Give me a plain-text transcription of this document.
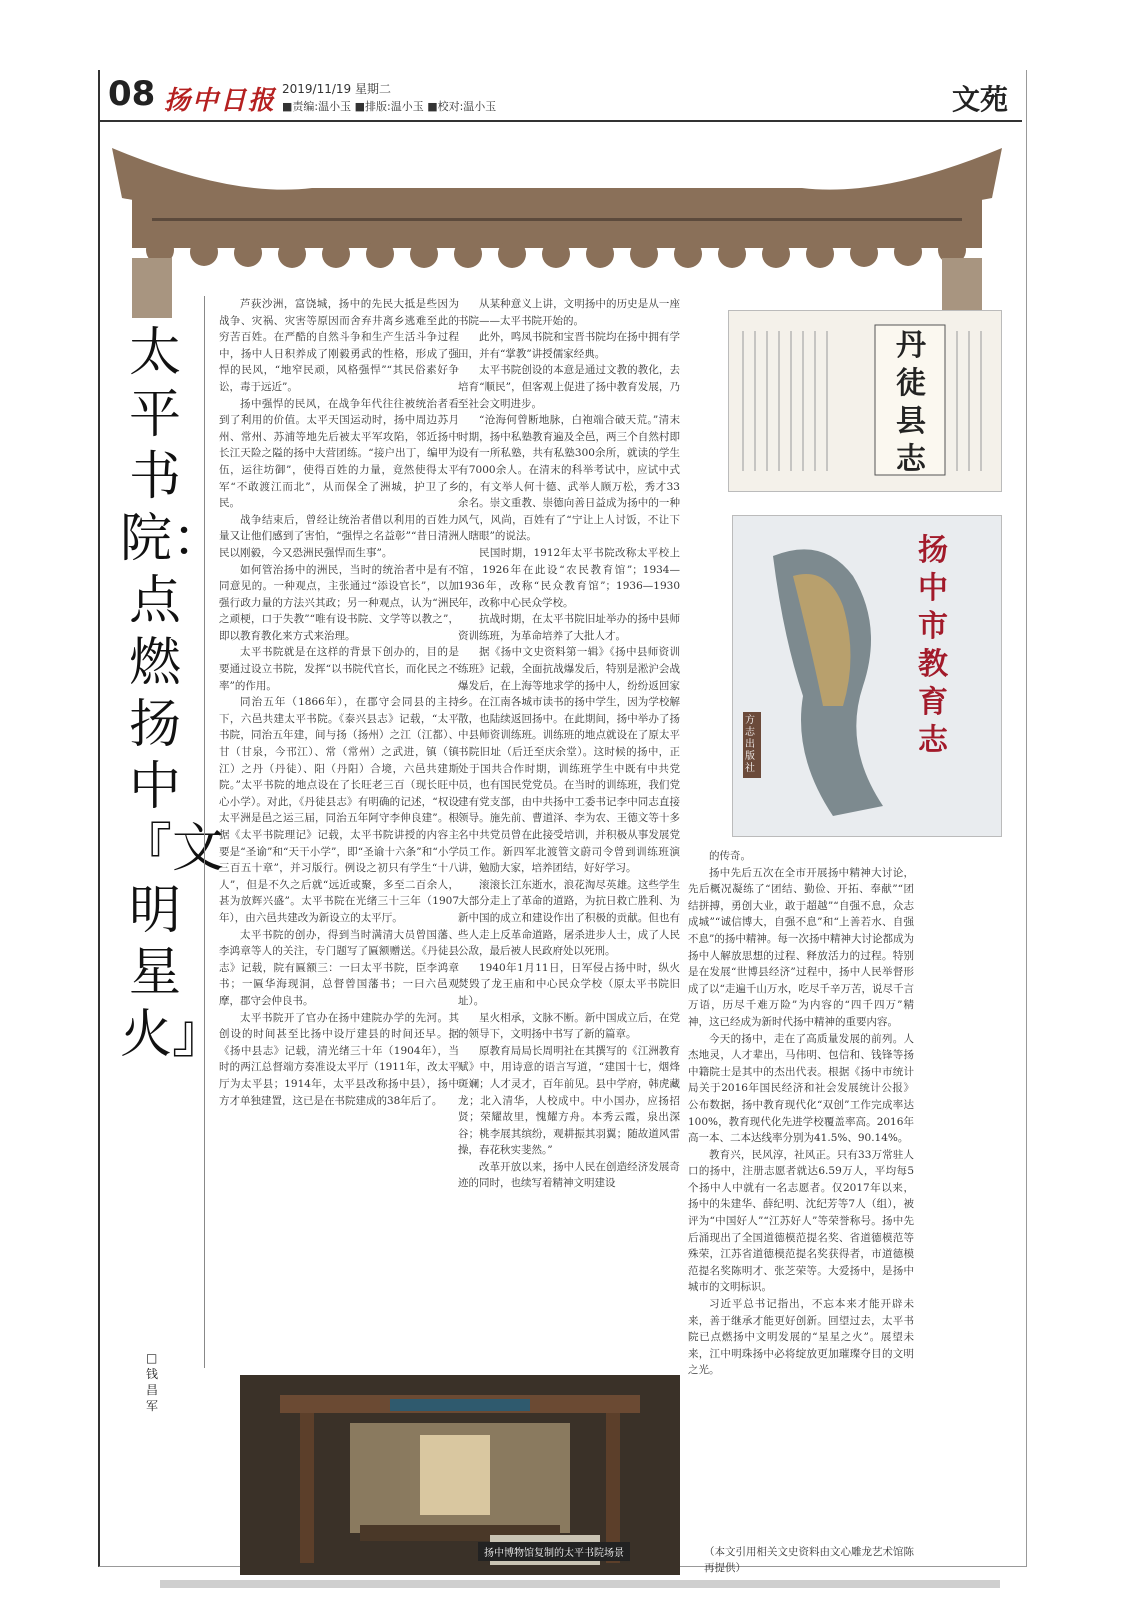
08 扬中日报 2019/11/19 星期二
■责编:温小玉 ■排版:温小玉 ■校对:温小玉	文苑
太平书院：点燃扬中『文明星火』
□钱昌军

芦荻沙洲，富饶城，扬中的先民大抵是些因为战争、灾祸、灾害等原因而舍弃井离乡逃难至此的穷苦百姓。在严酷的自然斗争和生产生活斗争过程中，扬中人日积养成了刚毅勇武的性格，形成了强悍的民风，“地窄民顽，风格强悍”“其民俗素好争讼，毒于远近”。

扬中强悍的民风，在战争年代往往被统治者看到了利用的价值。太平天国运动时，扬中周边苏月州、常州、苏浦等地先后被太平军攻陷，邻近扬中长江天险之隘的扬中大营团练。“接户出丁，编甲为伍，运往坊御”，使得百姓的力量，竟然使得太平军“不敢渡江而北”，从而保全了洲城，护卫了乡民。

战争结束后，曾经让统治者借以利用的百姓力量又让他们感到了害怕，“强悍之名益彰”“昔日清洲民以刚毅，今又恐洲民强悍而生事”。

如何管治扬中的洲民，当时的统治者中是有不同意见的。一种观点，主张通过“添设官长”，以加强行政力量的方法兴其政；另一种观点，认为“洲民之顽梗，口于失教”“唯有设书院、文学等以教之”，即以教育教化来方式来治理。

太平书院就是在这样的背景下创办的，目的是要通过设立书院，发挥“以书院代官长，而化民之不率”的作用。

同治五年（1866年），在郡守会同县的主持下，六邑共建太平书院。《泰兴县志》记载，“太平书院，同治五年建，间与扬（扬州）之江（江都）、甘（甘泉，今邗江）、常（常州）之武进，镇（镇江）之丹（丹徒）、阳（丹阳）合境，六邑共建斯院。”太平书院的地点设在了长旺老三百（现长旺中心小学）。对此，《丹徒县志》有明确的记述，“权设太平洲是邑之运三届，同治五年阿守李伸良建”。根据《太平书院理记》记载，太平书院讲授的内容主要是“圣谕”和“天干小学”，即“圣谕十六条”和“小学三百五十章”，并习版行。例设之初只有学生“十八人”，但是不久之后就“远近或聚，多至二百余人，甚为放辉兴盛”。太平书院在光绪三十三年（1907年），由六邑共建改为新设立的太平厅。

太平书院的创办，得到当时满清大员曾国藩、李鸿章等人的关注，专门题写了匾额赠送。《丹徒县志》记载，院有匾额三：一曰太平书院，臣李鸿章书；一匾华海现洞，总督曾国藩书；一曰六邑观摩，郡守会仲良书。

太平书院开了官办在扬中建院办学的先河。其创设的时间甚至比扬中设厅建县的时间还早。据《扬中县志》记载，清光绪三十年（1904年），当时的两江总督端方奏准设太平厅（1911年，改太平厅为太平县；1914年，太平县改称扬中县），扬中方才单独建置，这已是在书院建成的38年后了。

从某种意义上讲，文明扬中的历史是从一座书院——太平书院开始的。

此外，鸣凤书院和宝晋书院均在扬中拥有学田，并有“掌教”讲授儒家经典。

太平书院创设的本意是通过文教的教化，去培育“顺民”，但客观上促进了扬中教育发展，乃至社会文明进步。

“沧海何曾断地脉，白袍端合破天荒。”清末时期，扬中私塾教育遍及全邑，两三个自然村即设有一所私塾，共有私塾300余所，就读的学生有7000余人。在清末的科举考试中，应试中式的，有文举人何十德、武举人顾万松，秀才33余名。崇文重教、崇德向善日益成为扬中的一种风气，风尚，百姓有了“宁让上人讨饭，不让下人瞎眼”的说法。

民国时期，1912年太平书院改称太平校上馆，1926年在此设“农民教育馆”；1934—1936年，改称“民众教育馆”；1936—1930年，改称中心民众学校。

抗战时期，在太平书院旧址举办的扬中县师资训练班，为革命培养了大批人才。

据《扬中文史资料第一辑》《扬中县师资训练班》记载，全面抗战爆发后，特别是淞沪会战爆发后，在上海等地求学的扬中人，纷纷返回家乡。在江南各城市读书的扬中学生，因为学校解散，也陆续返回扬中。在此期间，扬中举办了扬中县师资训练班。训练班的地点就设在了原太平书院旧址（后迁至庆余堂）。这时候的扬中，正处于国共合作时期，训练班学生中既有中共党员，也有国民党党员。在当时的训练班，我们党建有党支部，由中共扬中工委书记李中同志直接领导。施先前、曹道泽、李为农、王德文等十多名中共党员曾在此接受培训，并积极从事发展党员工作。新四军北渡管文蔚司令曾到训练班演讲，勉励大家，培养团结，好好学习。

滚滚长江东逝水，浪花淘尽英雄。这些学生大部分走上了革命的道路，为抗日救亡胜利、为新中国的成立和建设作出了积极的贡献。但也有些人走上反革命道路，屠杀进步人士，成了人民公敌，最后被人民政府处以死刑。

1940年1月11日，日军侵占扬中时，纵火焚毁了龙王庙和中心民众学校（原太平书院旧址）。

星火相承，文脉不断。新中国成立后，在党的领导下，文明扬中书写了新的篇章。

原教育局局长周明社在其撰写的《江洲教育赋》中，用诗意的语言写道，“建国十七，烟烽斑斓；人才灵才，百年前见。县中学府，韩虎藏龙；北入清华，人校成中。中小国办，应扬招贤；荣耀故里，愧耀方舟。本秀云霞，泉出深谷；桃李展其缤纷，观耕振其羽翼；随故道风雷操，春花秋实斐然。”

改革开放以来，扬中人民在创造经济发展奇迹的同时，也续写着精神文明建设

的传奇。

扬中先后五次在全市开展扬中精神大讨论，先后概况凝练了“团结、勤俭、开拓、奉献”“团结拼搏，勇创大业，敢于超越”“自强不息，众志成城”“诚信博大，自强不息”和“上善若水、自强不息”的扬中精神。每一次扬中精神大讨论都成为扬中人解放思想的过程、释放活力的过程。特别是在发展“世博县经济”过程中，扬中人民举督形成了以“走遍千山万水，吃尽千辛万苦，说尽千言万语，历尽千难万险”为内容的“四千四万”精神，这已经成为新时代扬中精神的重要内容。

今天的扬中，走在了高质量发展的前列。人杰地灵，人才辈出，马伟明、包信和、钱锋等扬中籍院士是其中的杰出代表。根据《扬中市统计局关于2016年国民经济和社会发展统计公报》公布数据，扬中教育现代化“双创”工作完成率达100%，教育现代化先进学校覆盖率高。2016年高一本、二本达线率分别为41.5%、90.14%。

教育兴，民风淳，社风正。只有33万常驻人口的扬中，注册志愿者就达6.59万人，平均每5个扬中人中就有一名志愿者。仅2017年以来，扬中的朱建华、薛纪明、沈纪芳等7人（组），被评为“中国好人”“江苏好人”等荣誉称号。扬中先后涌现出了全国道德模范提名奖、省道德模范等殊荣，江苏省道德模范提名奖获得者，市道德模范提名奖陈明才、张芝荣等。大爱扬中，是扬中城市的文明标识。

习近平总书记指出，不忘本来才能开辟未来，善于继承才能更好创新。回望过去，太平书院已点燃扬中文明发展的“星星之火”。展望未来，江中明珠扬中必将绽放更加璀璨夺目的文明之光。

丹徒县志
扬中市教育志
方志出版社
扬中博物馆复制的太平书院场景	（本文引用相关文史资料由文心雕龙艺术馆陈再提供）
